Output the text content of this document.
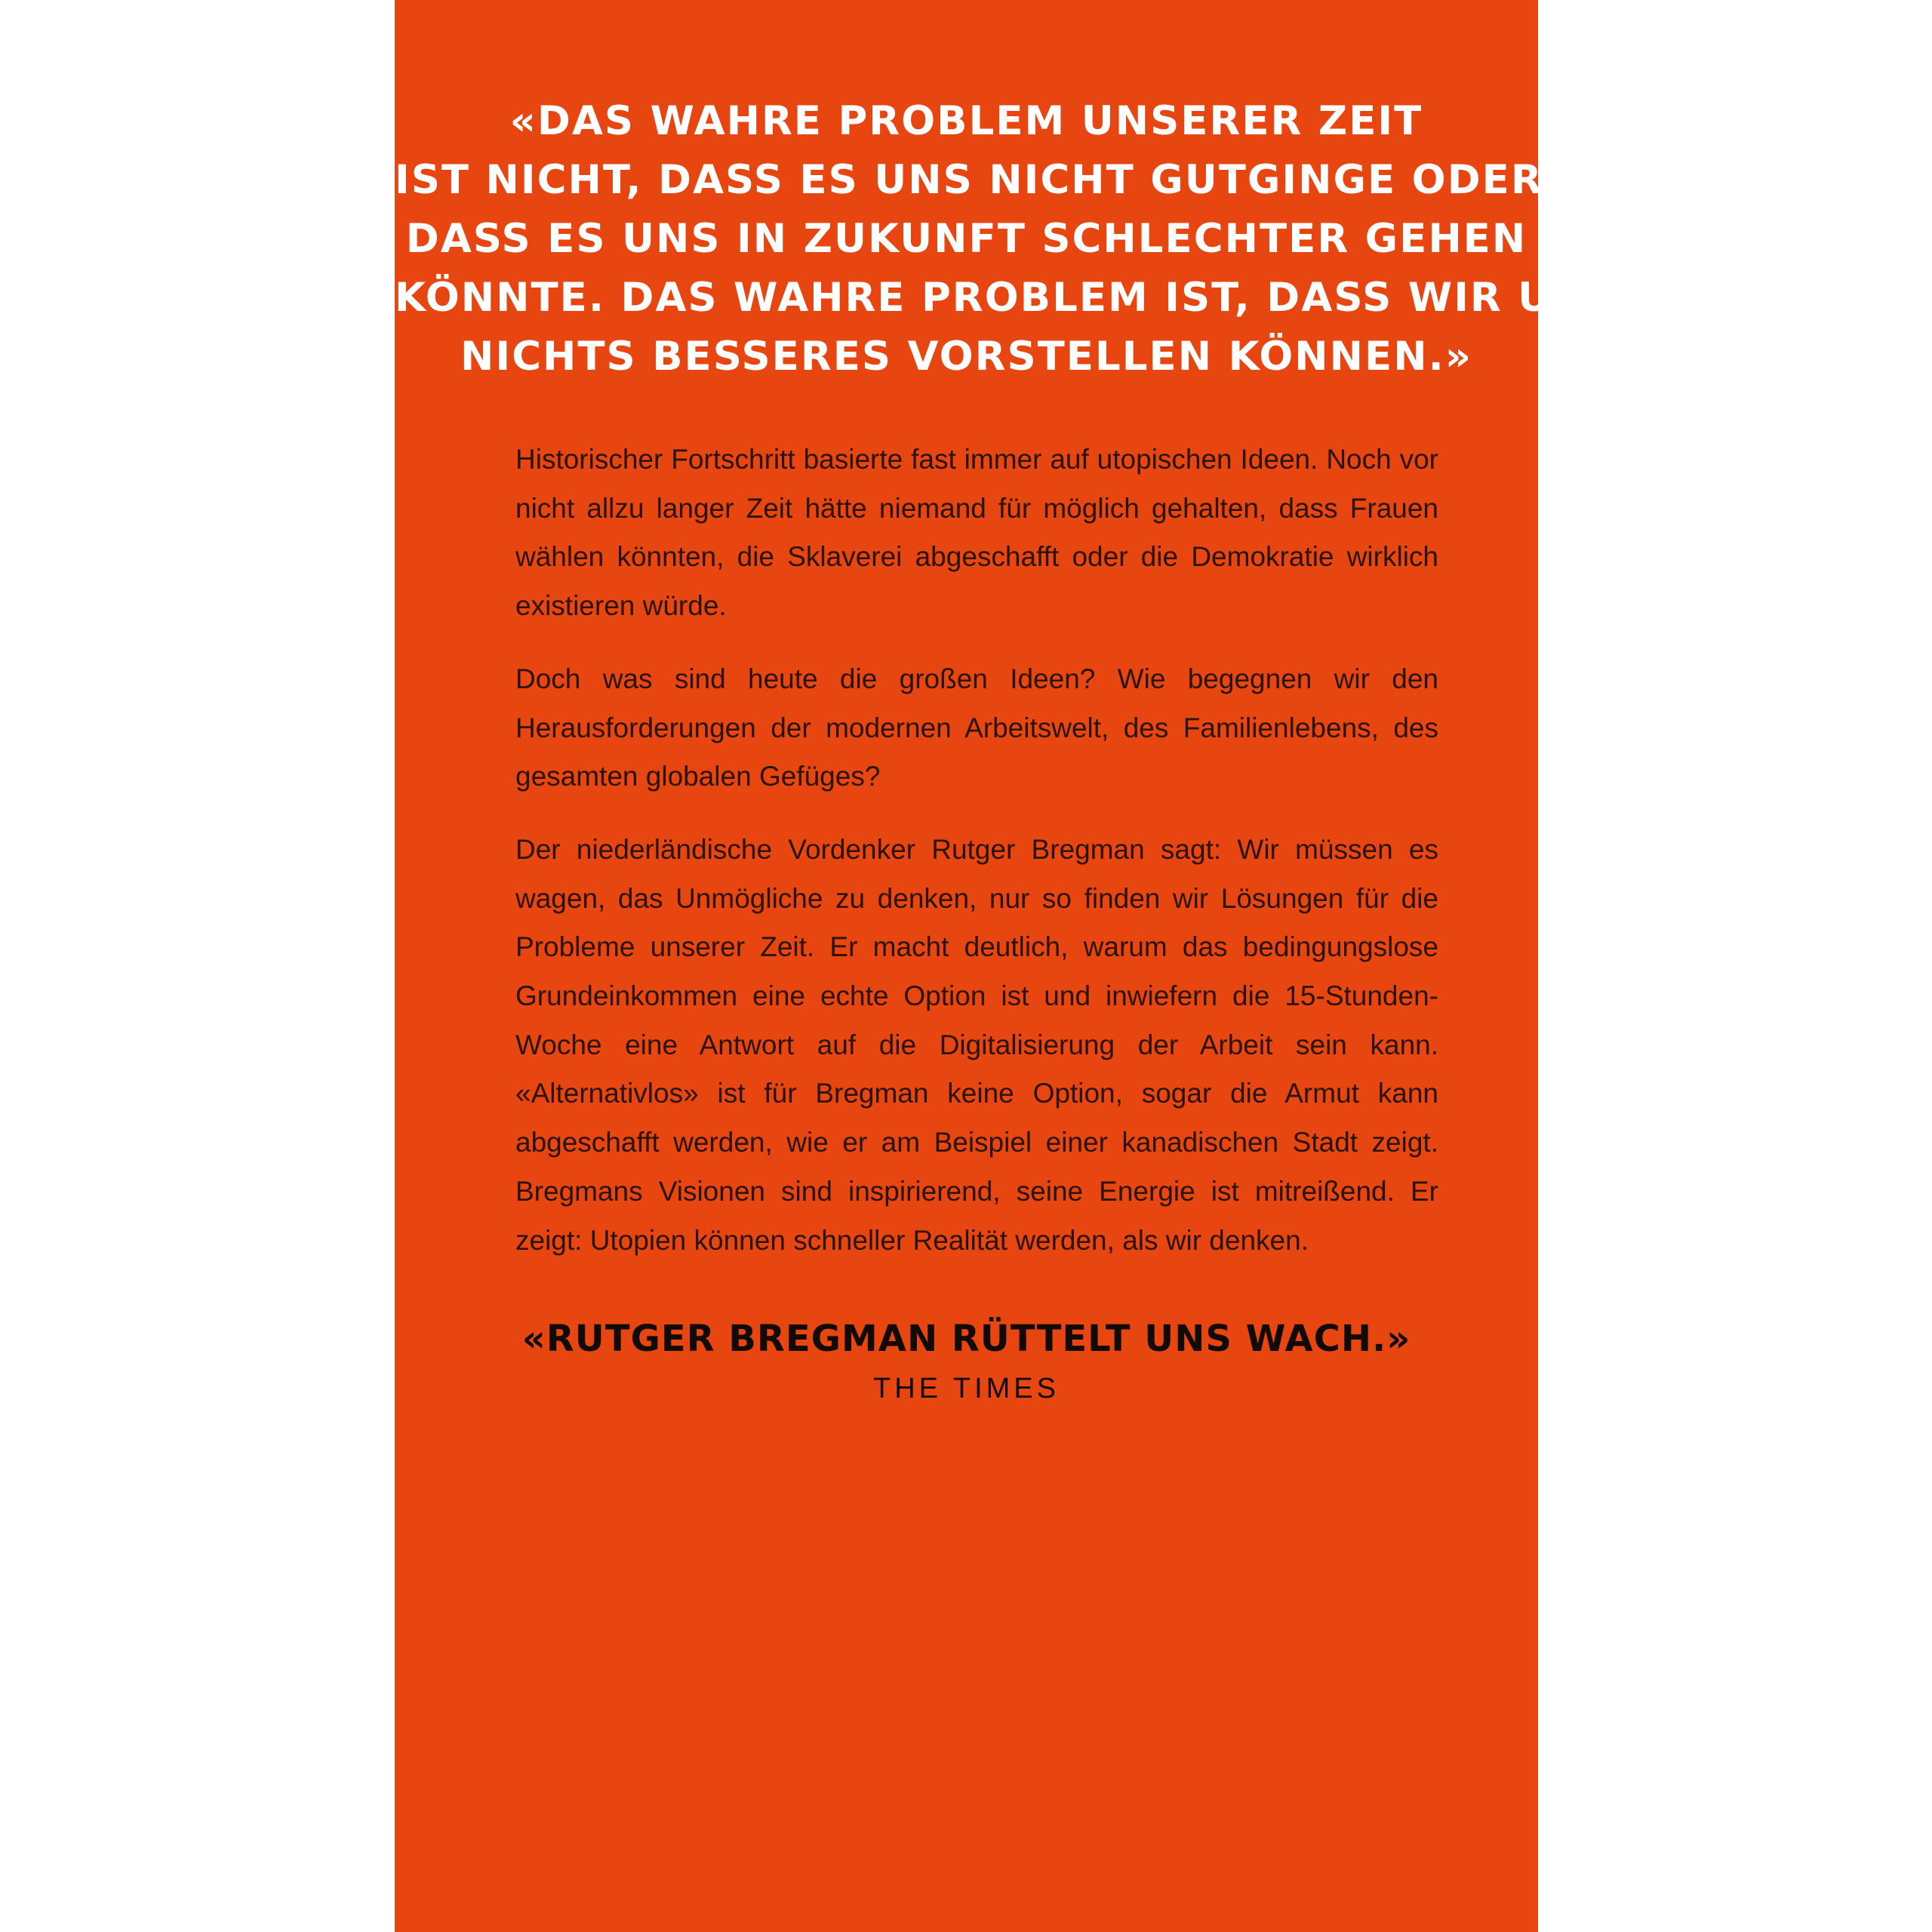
«DAS WAHRE PROBLEM UNSERER ZEIT
IST NICHT, DASS ES UNS NICHT GUTGINGE ODER
DASS ES UNS IN ZUKUNFT SCHLECHTER GEHEN
KÖNNTE. DAS WAHRE PROBLEM IST, DASS WIR UNS
NICHTS BESSERES VORSTELLEN KÖNNEN.»

Historischer Fortschritt basierte fast immer auf utopischen Ideen. Noch vor nicht allzu langer Zeit hätte niemand für möglich gehalten, dass Frauen wählen könnten, die Sklaverei abgeschafft oder die Demokratie wirklich existieren würde.

Doch was sind heute die großen Ideen? Wie begegnen wir den Herausforderungen der modernen Arbeitswelt, des Familienlebens, des gesamten globalen Gefüges?

Der niederländische Vordenker Rutger Bregman sagt: Wir müssen es wagen, das Unmögliche zu denken, nur so finden wir Lösungen für die Probleme unserer Zeit. Er macht deutlich, warum das bedingungslose Grundeinkommen eine echte Option ist und inwiefern die 15-Stunden-Woche eine Antwort auf die Digitalisierung der Arbeit sein kann. «Alternativlos» ist für Bregman keine Option, sogar die Armut kann abgeschafft werden, wie er am Beispiel einer kanadischen Stadt zeigt. Bregmans Visionen sind inspirierend, seine Energie ist mitreißend. Er zeigt: Utopien können schneller Realität werden, als wir denken.

«RUTGER BREGMAN RÜTTELT UNS WACH.»
THE TIMES
